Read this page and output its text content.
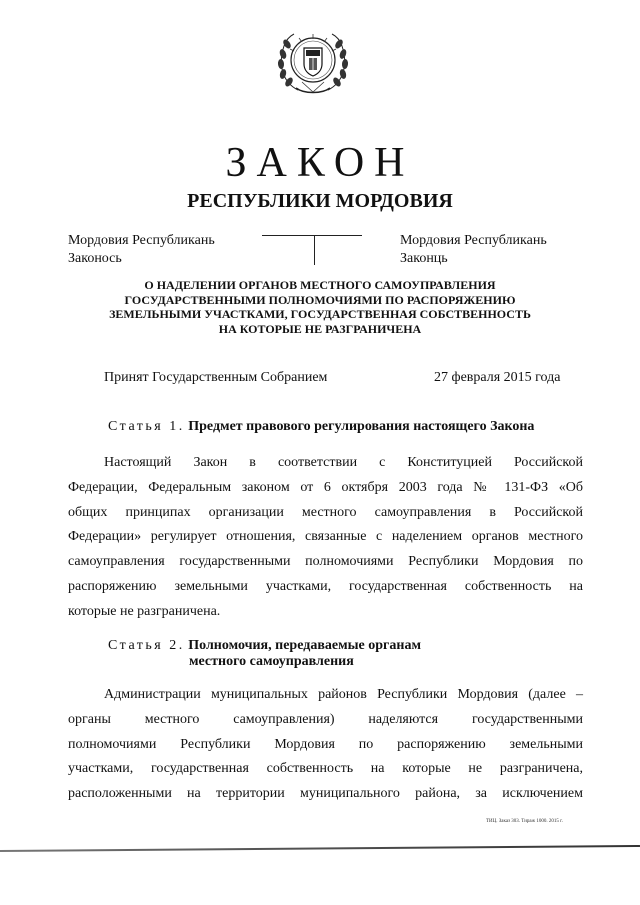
ЗАКОН
РЕСПУБЛИКИ МОРДОВИЯ
Мордовия Республикань
Законось
Мордовия Республикань
Законць
О НАДЕЛЕНИИ ОРГАНОВ МЕСТНОГО САМОУПРАВЛЕНИЯ
ГОСУДАРСТВЕННЫМИ ПОЛНОМОЧИЯМИ ПО РАСПОРЯЖЕНИЮ
ЗЕМЕЛЬНЫМИ УЧАСТКАМИ, ГОСУДАРСТВЕННАЯ СОБСТВЕННОСТЬ
НА КОТОРЫЕ НЕ РАЗГРАНИЧЕНА
Принят Государственным Собранием	27 февраля 2015 года
Статья 1. Предмет правового регулирования настоящего Закона
Настоящий Закон в соответствии с Конституцией Российской
Федерации, Федеральным законом от 6 октября 2003 года № 131-ФЗ «Об
общих принципах организации местного самоуправления в Российской
Федерации» регулирует отношения, связанные с наделением органов местного
самоуправления государственными полномочиями Республики Мордовия по
распоряжению земельными участками, государственная собственность на
которые не разграничена.
Статья 2. Полномочия, передаваемые органам
местного самоуправления
Администрации муниципальных районов Республики Мордовия (далее –
органы местного самоуправления) наделяются государственными
полномочиями Республики Мордовия по распоряжению земельными
участками, государственная собственность на которые не разграничена,
расположенными на территории муниципального района, за исключением
ТИЦ. Заказ 303. Тираж 1000. 2015 г.
